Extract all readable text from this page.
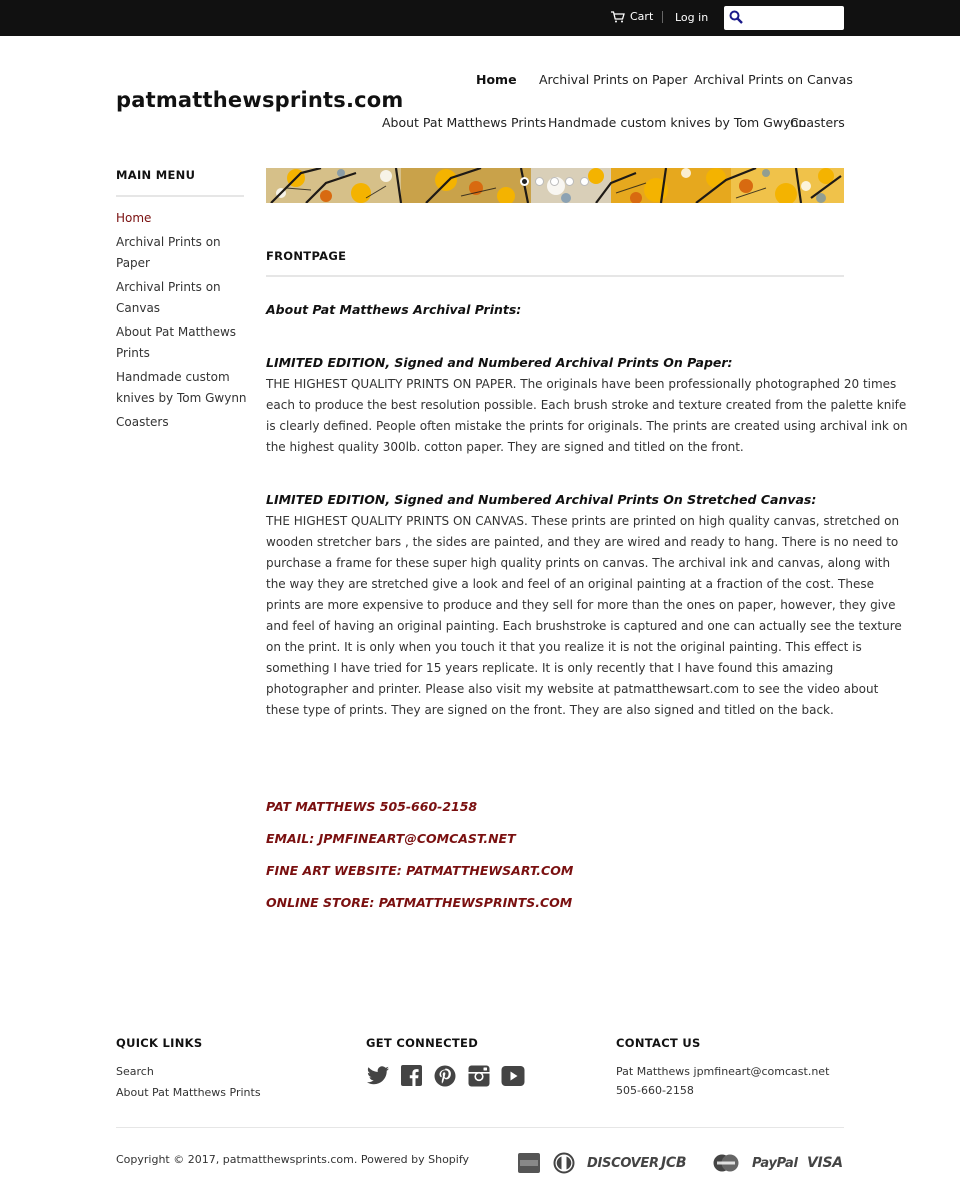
Cart Log in
patmatthewsprints.com
Home Archival Prints on Paper Archival Prints on Canvas
About Pat Matthews Prints Handmade custom knives by Tom Gwynn
Coasters
MAIN MENU
Home
Archival Prints on Paper
Archival Prints on Canvas
About Pat Matthews Prints
Handmade custom knives by Tom Gwynn
Coasters
FRONTPAGE
About Pat Matthews Archival Prints:
LIMITED EDITION, Signed and Numbered Archival Prints On Paper:
THE HIGHEST QUALITY PRINTS ON PAPER. The originals have been professionally photographed 20 times each to produce the best resolution possible. Each brush stroke and texture created from the palette knife is clearly defined. People often mistake the prints for originals. The prints are created using archival ink on the highest quality 300lb. cotton paper. They are signed and titled on the front.
LIMITED EDITION, Signed and Numbered Archival Prints On Stretched Canvas:
THE HIGHEST QUALITY PRINTS ON CANVAS. These prints are printed on high quality canvas, stretched on wooden stretcher bars , the sides are painted, and they are wired and ready to hang. There is no need to purchase a frame for these super high quality prints on canvas. The archival ink and canvas, along with the way they are stretched give a look and feel of an original painting at a fraction of the cost. These prints are more expensive to produce and they sell for more than the ones on paper, however, they give and feel of having an original painting. Each brushstroke is captured and one can actually see the texture on the print. It is only when you touch it that you realize it is not the original painting. This effect is something I have tried for 15 years replicate. It is only recently that I have found this amazing photographer and printer. Please also visit my website at patmatthewsart.com to see the video about these type of prints. They are signed on the front. They are also signed and titled on the back.
PAT MATTHEWS 505-660-2158
EMAIL: JPMFINEART@COMCAST.NET
FINE ART WEBSITE: PATMATTHEWSART.COM
ONLINE STORE: PATMATTHEWSPRINTS.COM
QUICK LINKS
Search
About Pat Matthews Prints
GET CONNECTED	CONTACT US
Pat Matthews jpmfineart@comcast.net 505-660-2158
Copyright © 2017, patmatthewsprints.com. Powered by Shopify	DISCOVER JCB	PayPal VISA
